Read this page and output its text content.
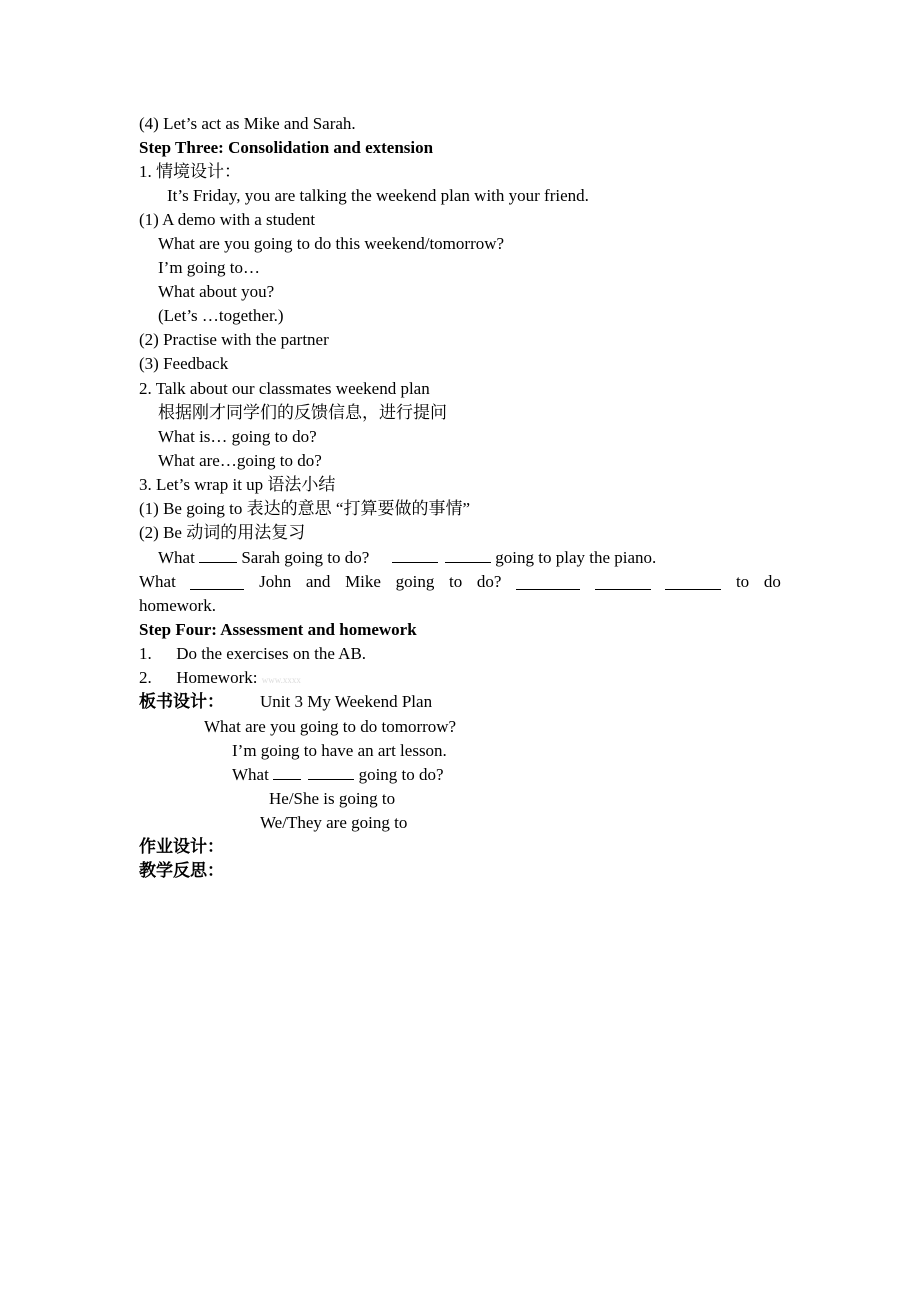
(4) Let’s act as Mike and Sarah.
Step Three: Consolidation and extension
1. 情境设计：
It’s Friday, you are talking the weekend plan with your friend.
(1) A demo with a student
What are you going to do this weekend/tomorrow?
I’m going to…
What about you?
(Let’s …together.)
(2) Practise with the partner
(3) Feedback
2. Talk about our classmates weekend plan
根据刚才同学们的反馈信息，进行提问
What is… going to do?
What are…going to do?
3. Let’s wrap it up 语法小结
(1) Be going to 表达的意思 “打算要做的事情”
(2) Be 动词的用法复习
What	Sarah going to do?	going to play the piano.
What	John and Mike going to do?	to do
homework.
Step Four: Assessment and homework
1. Do the exercises on the AB.
2. Homework: www.xxxx
板书设计： Unit 3 My Weekend Plan
What are you going to do tomorrow?
I’m going to have an art lesson.
What	going to do?
He/She is going to
We/They are going to
作业设计：
教学反思：
